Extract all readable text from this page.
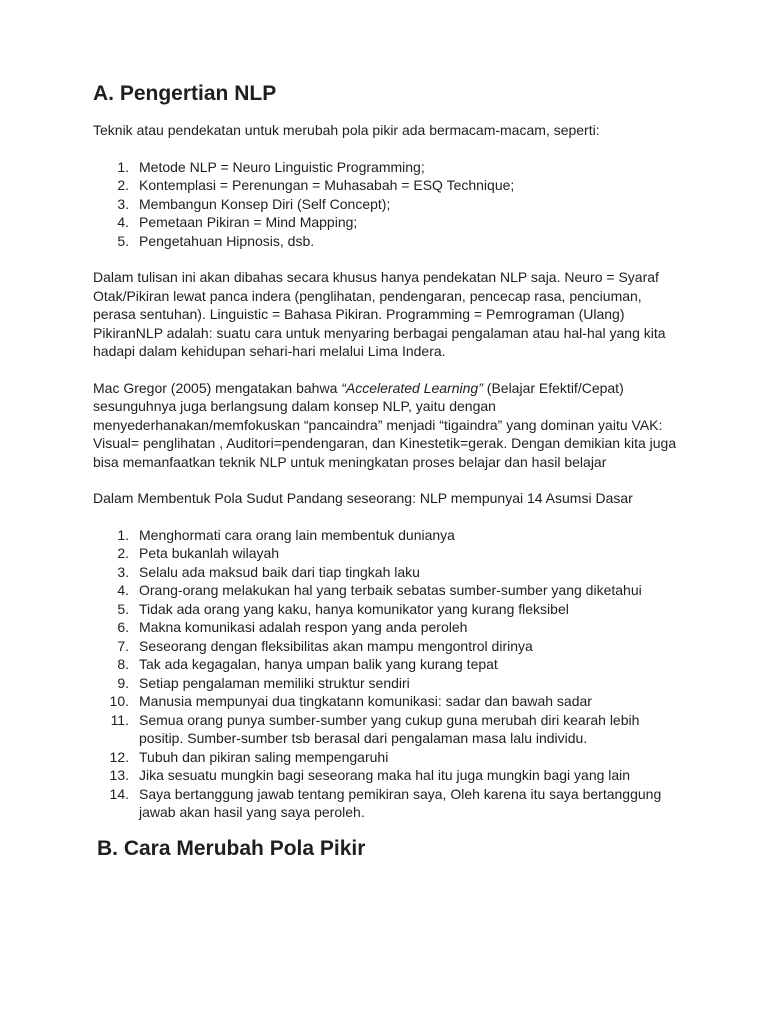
A. Pengertian NLP

Teknik atau pendekatan untuk merubah pola pikir ada bermacam-macam, seperti:

1. Metode NLP = Neuro Linguistic Programming;
2. Kontemplasi = Perenungan = Muhasabah = ESQ Technique;
3. Membangun Konsep Diri (Self Concept);
4. Pemetaan Pikiran = Mind Mapping;
5. Pengetahuan Hipnosis, dsb.

Dalam tulisan ini akan dibahas secara khusus hanya pendekatan NLP saja. Neuro = Syaraf Otak/Pikiran lewat panca indera (penglihatan, pendengaran, pencecap rasa, penciuman, perasa sentuhan). Linguistic = Bahasa Pikiran. Programming = Pemrograman (Ulang) PikiranNLP adalah: suatu cara untuk menyaring berbagai pengalaman atau hal-hal yang kita hadapi dalam kehidupan sehari-hari melalui Lima Indera.

Mac Gregor (2005) mengatakan bahwa “Accelerated Learning” (Belajar Efektif/Cepat) sesunguhnya juga berlangsung dalam konsep NLP, yaitu dengan menyederhanakan/memfokuskan “pancaindra” menjadi “tigaindra” yang dominan yaitu VAK: Visual= penglihatan , Auditori=pendengaran, dan Kinestetik=gerak. Dengan demikian kita juga bisa memanfaatkan teknik NLP untuk meningkatan proses belajar dan hasil belajar

Dalam Membentuk Pola Sudut Pandang seseorang: NLP mempunyai 14 Asumsi Dasar

1. Menghormati cara orang lain membentuk dunianya
2. Peta bukanlah wilayah
3. Selalu ada maksud baik dari tiap tingkah laku
4. Orang-orang melakukan hal yang terbaik sebatas sumber-sumber yang diketahui
5. Tidak ada orang yang kaku, hanya komunikator yang kurang fleksibel
6. Makna komunikasi adalah respon yang anda peroleh
7. Seseorang dengan fleksibilitas akan mampu mengontrol dirinya
8. Tak ada kegagalan, hanya umpan balik yang kurang tepat
9. Setiap pengalaman memiliki struktur sendiri
10. Manusia mempunyai dua tingkatann komunikasi: sadar dan bawah sadar
11. Semua orang punya sumber-sumber yang cukup guna merubah diri kearah lebih positip. Sumber-sumber tsb berasal dari pengalaman masa lalu individu.
12. Tubuh dan pikiran saling mempengaruhi
13. Jika sesuatu mungkin bagi seseorang maka hal itu juga mungkin bagi yang lain
14. Saya bertanggung jawab tentang pemikiran saya, Oleh karena itu saya bertanggung jawab akan hasil yang saya peroleh.
B. Cara Merubah Pola Pikir
